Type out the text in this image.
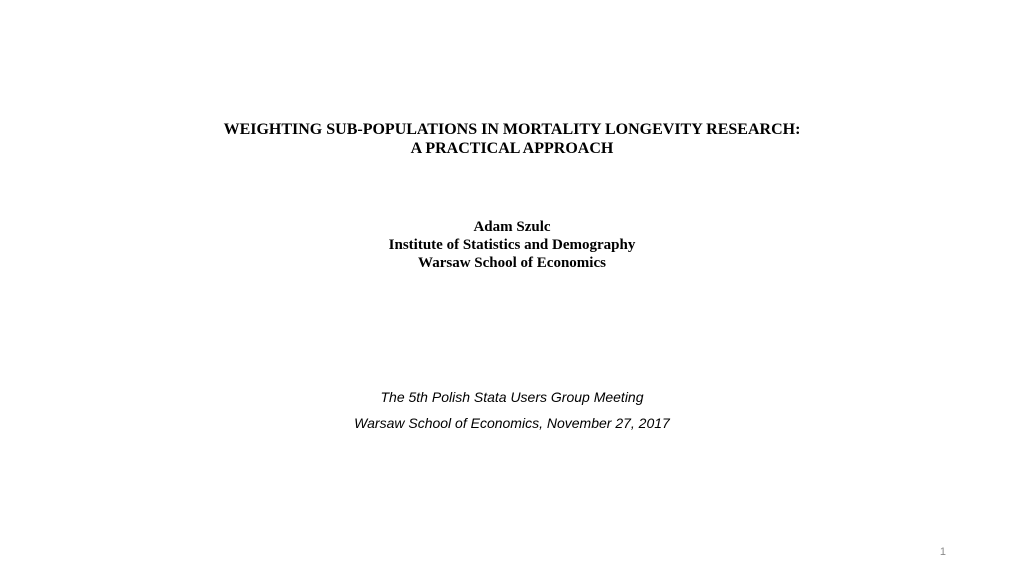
WEIGHTING SUB-POPULATIONS IN MORTALITY LONGEVITY RESEARCH:
A PRACTICAL APPROACH
Adam Szulc
Institute of Statistics and Demography
Warsaw School of Economics
The 5th Polish Stata Users Group Meeting
Warsaw School of Economics, November 27, 2017
1
